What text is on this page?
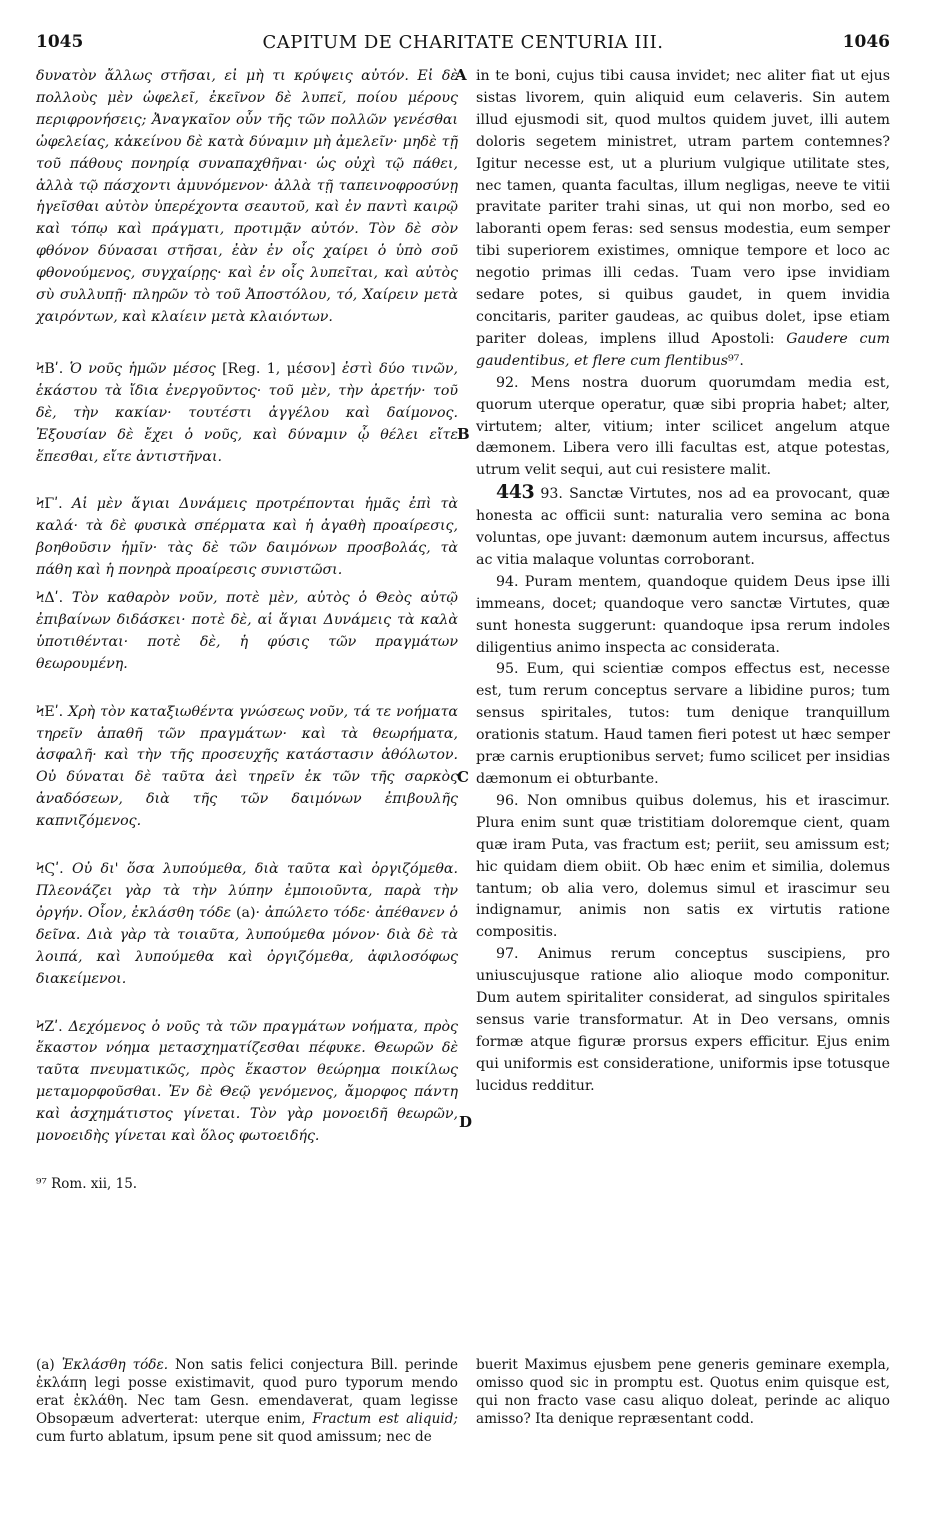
1045	CAPITUM DE CHARITATE CENTURIA III.	1046

δυνατὸν ἄλλως στῆσαι, εἰ μὴ τι κρύψεις αὐτόν. Εἰ δὲ πολλοὺς μὲν ὠφελεῖ, ἐκεῖνον δὲ λυπεῖ, ποίου μέρους περιφρονήσεις; Ἀναγκαῖον οὖν τῆς τῶν πολλῶν γενέσθαι ὠφελείας, κἀκείνου δὲ κατὰ δύναμιν μὴ ἀμελεῖν· μηδὲ τῇ τοῦ πάθους πονηρίᾳ συναπαχθῆναι· ὡς οὐχὶ τῷ πάθει, ἀλλὰ τῷ πάσχοντι ἀμυνόμενον· ἀλλὰ τῇ ταπεινοφροσύνῃ ἡγεῖσθαι αὐτὸν ὑπερέχοντα σεαυτοῦ, καὶ ἐν παντὶ καιρῷ καὶ τόπῳ καὶ πράγματι, προτιμᾷν αὐτόν. Τὸν δὲ σὸν φθόνον δύνασαι στῆσαι, ἐὰν ἐν οἷς χαίρει ὁ ὑπὸ σοῦ φθονούμενος, συγχαίρῃς· καὶ ἐν οἷς λυπεῖται, καὶ αὐτὸς σὺ συλλυπῇ· πληρῶν τὸ τοῦ Ἀποστόλου, τό, Χαίρειν μετὰ χαιρόντων, καὶ κλαίειν μετὰ κλαιόντων.

ϞΒʹ. Ὁ νοῦς ἡμῶν μέσος [Reg. 1, μέσον] ἐστὶ δύο τινῶν, ἑκάστου τὰ ἴδια ἐνεργοῦντος· τοῦ μὲν, τὴν ἀρετήν· τοῦ δὲ, τὴν κακίαν· τουτέστι ἀγγέλου καὶ δαίμονος. Ἐξουσίαν δὲ ἔχει ὁ νοῦς, καὶ δύναμιν ᾧ θέλει εἴτε ἕπεσθαι, εἴτε ἀντιστῆναι.

ϞΓʹ. Αἱ μὲν ἅγιαι Δυνάμεις προτρέπονται ἡμᾶς ἐπὶ τὰ καλά· τὰ δὲ φυσικὰ σπέρματα καὶ ἡ ἀγαθὴ προαίρεσις, βοηθοῦσιν ἡμῖν· τὰς δὲ τῶν δαιμόνων προσβολάς, τὰ πάθη καὶ ἡ πονηρὰ προαίρεσις συνιστῶσι.

ϞΔʹ. Τὸν καθαρὸν νοῦν, ποτὲ μὲν, αὐτὸς ὁ Θεὸς αὐτῷ ἐπιβαίνων διδάσκει· ποτὲ δὲ, αἱ ἅγιαι Δυνάμεις τὰ καλὰ ὑποτιθένται· ποτὲ δὲ, ἡ φύσις τῶν πραγμάτων θεωρουμένη.

ϞΕʹ. Χρὴ τὸν καταξιωθέντα γνώσεως νοῦν, τά τε νοήματα τηρεῖν ἀπαθῆ τῶν πραγμάτων· καὶ τὰ θεωρήματα, ἀσφαλῆ· καὶ τὴν τῆς προσευχῆς κατάστασιν ἀθόλωτον. Οὐ δύναται δὲ ταῦτα ἀεὶ τηρεῖν ἐκ τῶν τῆς σαρκὸς ἀναδόσεων, διὰ τῆς τῶν δαιμόνων ἐπιβουλῆς καπνιζόμενος.

ϞϚʹ. Οὐ δι' ὅσα λυπούμεθα, διὰ ταῦτα καὶ ὀργιζόμεθα. Πλεονάζει γὰρ τὰ τὴν λύπην ἐμποιοῦντα, παρὰ τὴν ὀργήν. Οἷον, ἐκλάσθη τόδε (a)· ἀπώλετο τόδε· ἀπέθανεν ὁ δεῖνα. Διὰ γὰρ τὰ τοιαῦτα, λυπούμεθα μόνον· διὰ δὲ τὰ λοιπά, καὶ λυπούμεθα καὶ ὀργιζόμεθα, ἀφιλοσόφως διακείμενοι.

ϞΖʹ. Δεχόμενος ὁ νοῦς τὰ τῶν πραγμάτων νοήματα, πρὸς ἕκαστον νόημα μετασχηματίζεσθαι πέφυκε. Θεωρῶν δὲ ταῦτα πνευματικῶς, πρὸς ἕκαστον θεώρημα ποικίλως μεταμορφοῦσθαι. Ἐν δὲ Θεῷ γενόμενος, ἄμορφος πάντη καὶ ἀσχημάτιστος γίνεται. Τὸν γὰρ μονοειδῆ θεωρῶν, μονοειδὴς γίνεται καὶ ὅλος φωτοειδής.

⁹⁷ Rom. xii, 15.

in te boni, cujus tibi causa invidet; nec aliter fiat ut ejus sistas livorem, quin aliquid eum celaveris. Sin autem illud ejusmodi sit, quod multos quidem juvet, illi autem doloris segetem ministret, utram partem contemnes? Igitur necesse est, ut a plurium vulgique utilitate stes, nec tamen, quanta facultas, illum negligas, neeve te vitii pravitate pariter trahi sinas, ut qui non morbo, sed eo laboranti opem feras: sed sensus modestia, eum semper tibi superiorem existimes, omnique tempore et loco ac negotio primas illi cedas. Tuam vero ipse invidiam sedare potes, si quibus gaudet, in quem invidia concitaris, pariter gaudeas, ac quibus dolet, ipse etiam pariter doleas, implens illud Apostoli: Gaudere cum gaudentibus, et flere cum flentibus⁹⁷.

92. Mens nostra duorum quorumdam media est, quorum uterque operatur, quæ sibi propria habet; alter, virtutem; alter, vitium; inter scilicet angelum atque dæmonem. Libera vero illi facultas est, atque potestas, utrum velit sequi, aut cui resistere malit.

443 93. Sanctæ Virtutes, nos ad ea provocant, quæ honesta ac officii sunt: naturalia vero semina ac bona voluntas, ope juvant: dæmonum autem incursus, affectus ac vitia malaque voluntas corroborant.

94. Puram mentem, quandoque quidem Deus ipse illi immeans, docet; quandoque vero sanctæ Virtutes, quæ sunt honesta suggerunt: quandoque ipsa rerum indoles diligentius animo inspecta ac considerata.

95. Eum, qui scientiæ compos effectus est, necesse est, tum rerum conceptus servare a libidine puros; tum sensus spiritales, tutos: tum denique tranquillum orationis statum. Haud tamen fieri potest ut hæc semper præ carnis eruptionibus servet; fumo scilicet per insidias dæmonum ei obturbante.

96. Non omnibus quibus dolemus, his et irascimur. Plura enim sunt quæ tristitiam doloremque cient, quam quæ iram Puta, vas fractum est; periit, seu amissum est; hic quidam diem obiit. Ob hæc enim et similia, dolemus tantum; ob alia vero, dolemus simul et irascimur seu indignamur, animis non satis ex virtutis ratione compositis.

97. Animus rerum conceptus suscipiens, pro uniuscujusque ratione alio alioque modo componitur. Dum autem spiritaliter considerat, ad singulos spiritales sensus varie transformatur. At in Deo versans, omnis formæ atque figuræ prorsus expers efficitur. Ejus enim qui uniformis est consideratione, uniformis ipse totusque lucidus redditur.

A
B
C
D

(a) Ἐκλάσθη τόδε. Non satis felici conjectura Bill. perinde ἐκλάπη legi posse existimavit, quod puro typorum mendo erat ἐκλάθη. Nec tam Gesn. emendaverat, quam legisse Obsopæum adverterat: uterque enim, Fractum est aliquid; cum furto ablatum, ipsum pene sit quod amissum; nec de

buerit Maximus ejusbem pene generis geminare exempla, omisso quod sic in promptu est. Quotus enim quisque est, qui non fracto vase casu aliquo doleat, perinde ac aliquo amisso? Ita denique repræsentant codd.
